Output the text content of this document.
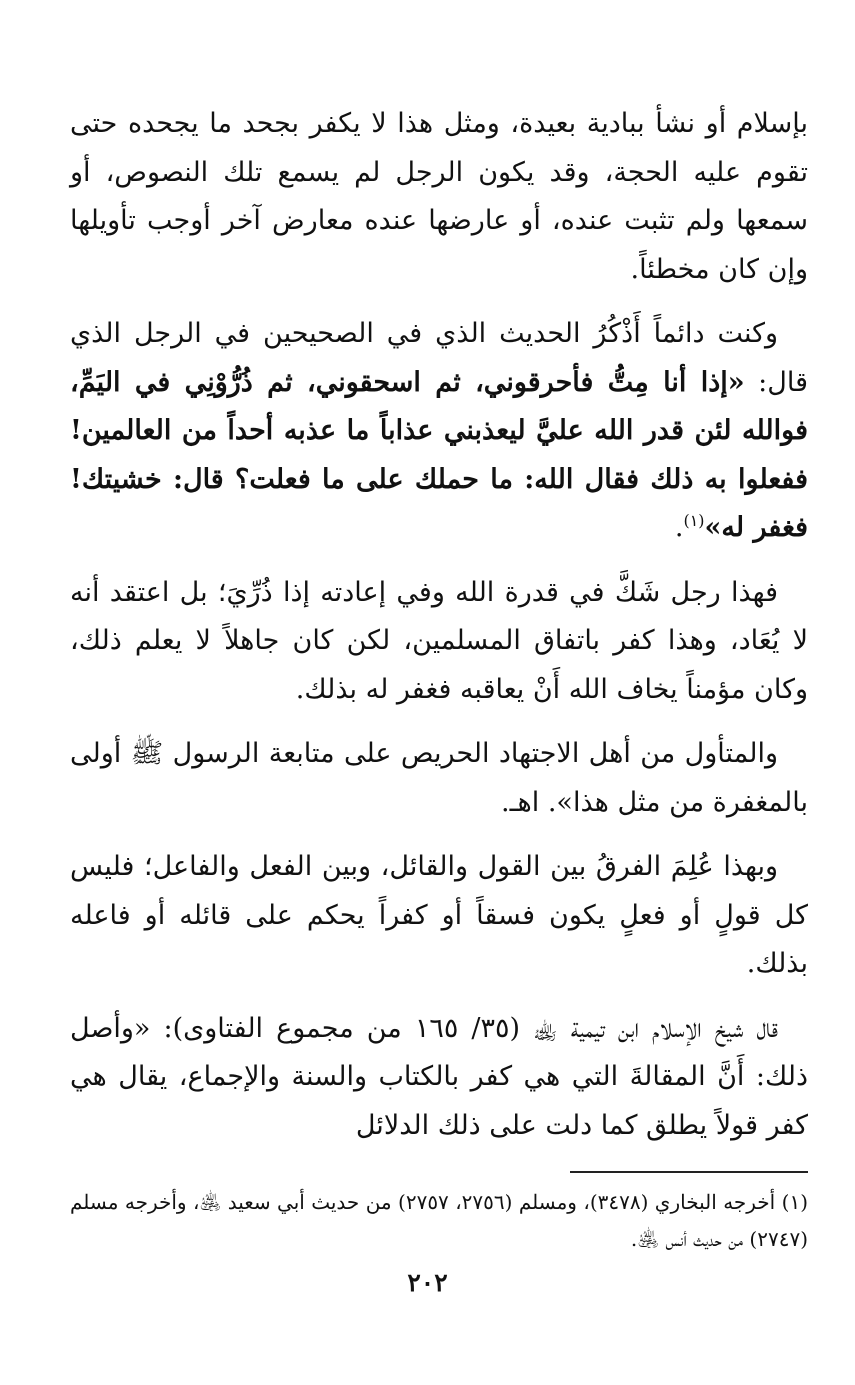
بإسلام أو نشأ ببادية بعيدة، ومثل هذا لا يكفر بجحد ما يجحده حتى تقوم عليه الحجة، وقد يكون الرجل لم يسمع تلك النصوص، أو سمعها ولم تثبت عنده، أو عارضها عنده معارض آخر أوجب تأويلها وإن كان مخطئاً.

وكنت دائماً أَذْكُرُ الحديث الذي في الصحيحين في الرجل الذي قال: «إذا أنا مِتُّ فأحرقوني، ثم اسحقوني، ثم ذُرُّوْنِي في اليَمِّ، فوالله لئن قدر الله عليَّ ليعذبني عذاباً ما عذبه أحداً من العالمين! ففعلوا به ذلك فقال الله: ما حملك على ما فعلت؟ قال: خشيتك! فغفر له»$^{(١)}$.

فهذا رجل شَكَّ في قدرة الله وفي إعادته إذا ذُرِّيَ؛ بل اعتقد أنه لا يُعَاد، وهذا كفر باتفاق المسلمين، لكن كان جاهلاً لا يعلم ذلك، وكان مؤمناً يخاف الله أَنْ يعاقبه فغفر له بذلك.

والمتأول من أهل الاجتهاد الحريص على متابعة الرسول ﷺ أولى بالمغفرة من مثل هذا». اهـ.

وبهذا عُلِمَ الفرقُ بين القول والقائل، وبين الفعل والفاعل؛ فليس كل قولٍ أو فعلٍ يكون فسقاً أو كفراً يحكم على قائله أو فاعله بذلك.

قال شيخ الإسلام ابن تيمية ﵀ (٣٥/ ١٦٥ من مجموع الفتاوى): «وأصل ذلك: أَنَّ المقالةَ التي هي كفر بالكتاب والسنة والإجماع، يقال هي كفر قولاً يطلق كما دلت على ذلك الدلائل

(١) أخرجه البخاري (٣٤٧٨)، ومسلم (٢٧٥٦، ٢٧٥٧) من حديث أبي سعيد ﵁، وأخرجه مسلم (٢٧٤٧) من حديث أنس ﵁.

٢٠٢
